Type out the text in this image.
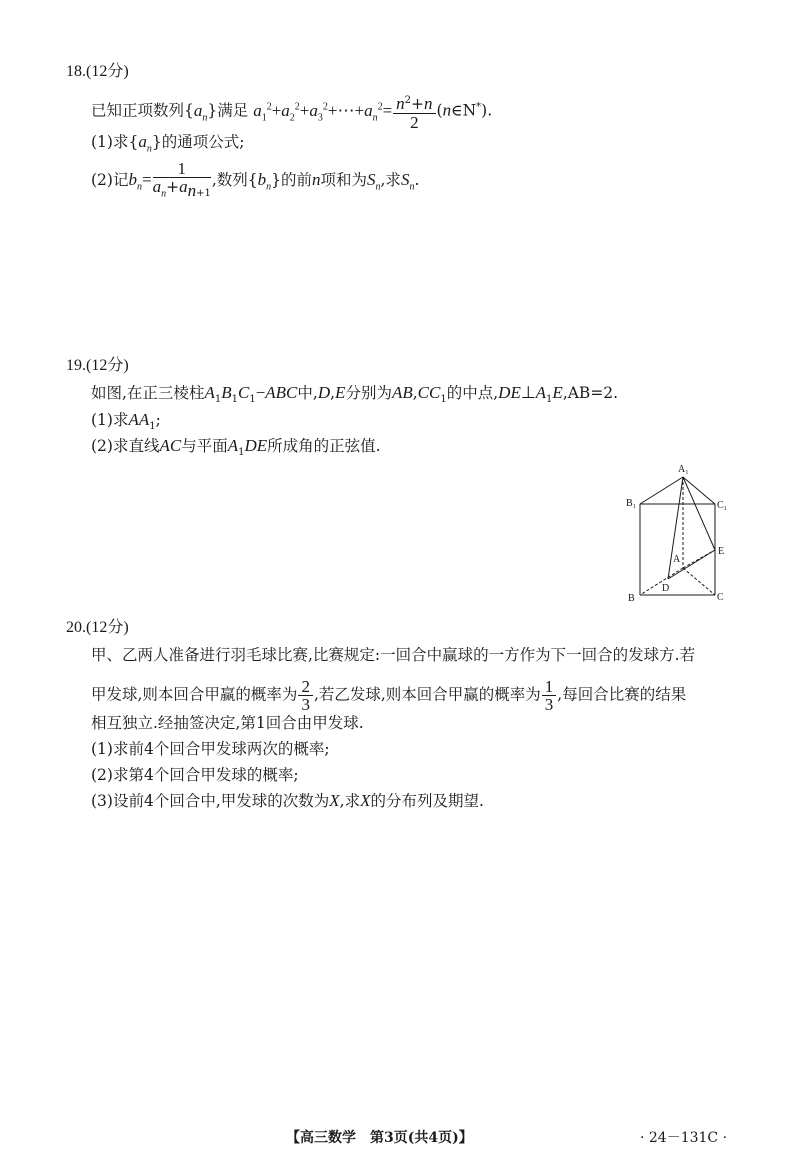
18.(12分)
已知正项数列$\{a_n\}$满足 $a_1^2+a_2^2+a_3^2+\cdots+a_n^2= \frac{n^2+n}{2}$ (n∈N*).
(1)求$\{a_n\}$的通项公式;
(2)记$b_n= \frac{1}{a_n+a_{n+1}}$ ,数列$\{b_n\}$的前n项和为$S_n$,求$S_n$.
19.(12分)
如图,在正三棱柱$A_1B_1C_1-ABC$中,D,E分别为$AB,CC_1$的中点$,DE\perp A_1E,AB=2$.
(1)求$AA_1$;
(2)求直线AC与平面$A_1DE$所成角的正弦值.
A₁
B₁	C₁
A
E
D
B	C
20.(12分)
甲、乙两人准备进行羽毛球比赛,比赛规定:一回合中赢球的一方作为下一回合的发球方.若
甲发球,则本回合甲赢的概率为 $\frac{2}{3}$ ,若乙发球,则本回合甲赢的概率为 $\frac{1}{3}$ ,每回合比赛的结果
相互独立.经抽签决定,第1回合由甲发球.
(1)求前4个回合甲发球两次的概率;
(2)求第4个回合甲发球的概率;
(3)设前4个回合中,甲发球的次数为X,求X的分布列及期望.
【高三数学　第3页(共4页)】	· 24－131C ·
